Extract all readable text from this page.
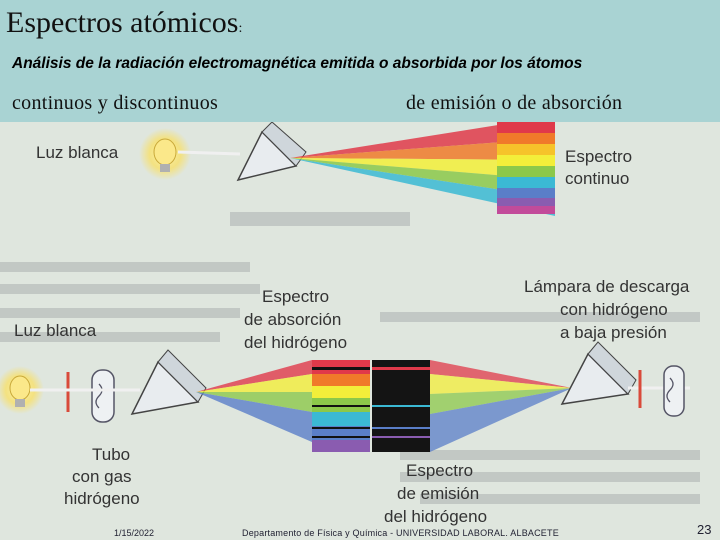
Espectros atómicos:
Análisis de la radiación electromagnética emitida o absorbida por los átomos
continuos y discontinuos	de emisión o de absorción
Luz blanca	Espectro
continuo
Espectro
de absorción
del hidrógeno
Lámpara de descarga
con hidrógeno
a baja presión
Luz blanca
Tubo
con gas
hidrógeno
Espectro
de emisión
del hidrógeno
1/15/2022	Departamento de Física y Química - UNIVERSIDAD LABORAL. ALBACETE	23
